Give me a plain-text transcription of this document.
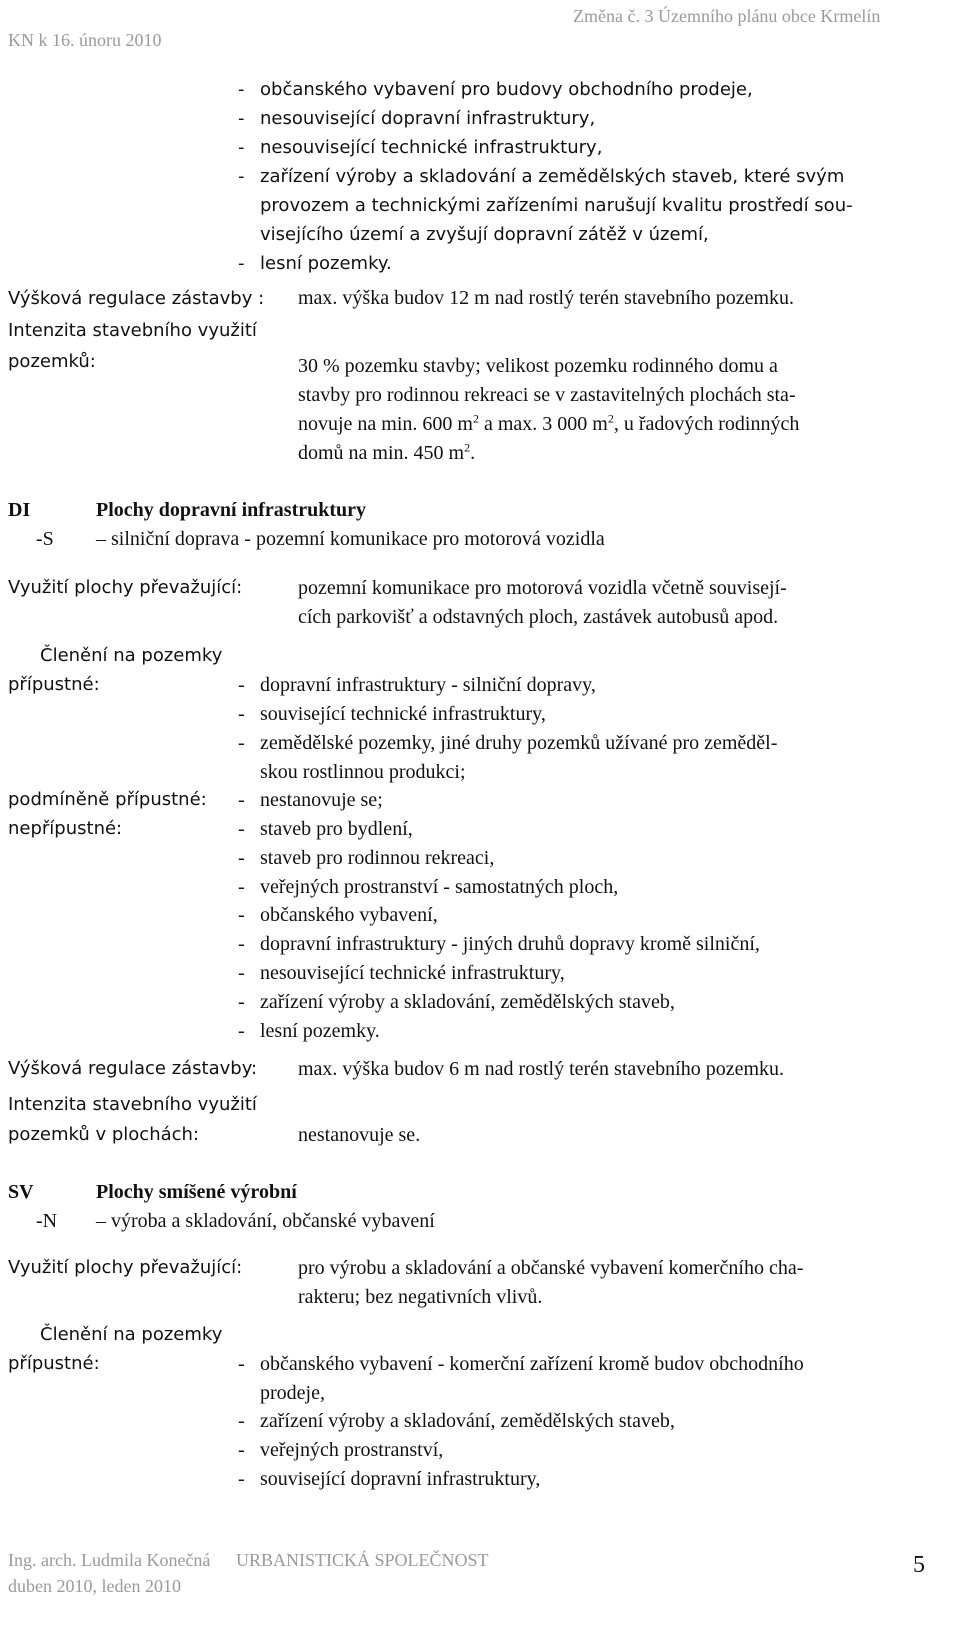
KN k 16. únoru 2010
Změna č. 3 Územního plánu obce Krmelín
- občanského vybavení pro budovy obchodního prodeje,
- nesouvisející dopravní infrastruktury,
- nesouvisející technické infrastruktury,
- zařízení výroby a skladování a zemědělských staveb, které svým
provozem a technickými zařízeními narušují kvalitu prostředí sou-
visejícího území a zvyšují dopravní zátěž v území,
- lesní pozemky.
Výšková regulace zástavby : max. výška budov 12 m nad rostlý terén stavebního pozemku.
Intenzita stavebního využití
pozemků:	30 % pozemku stavby; velikost pozemku rodinného domu a
stavby pro rodinnou rekreaci se v zastavitelných plochách sta-
novuje na min. 600 $m^2$ a max. 3 000 $m^2$, u řadových rodinných
domů na min. 450 $m^2$.
DI	Plochy dopravní infrastruktury
-S – silniční doprava - pozemní komunikace pro motorová vozidla
Využití plochy převažující:	pozemní komunikace pro motorová vozidla včetně souvisejí-
cích parkovišť a odstavných ploch, zastávek autobusů apod.
Členění na pozemky
přípustné:	- dopravní infrastruktury - silniční dopravy,
- související technické infrastruktury,
- zemědělské pozemky, jiné druhy pozemků užívané pro zeměděl-
skou rostlinnou produkci;
podmíněně přípustné: - nestanovuje se;
nepřípustné:	- staveb pro bydlení,
- staveb pro rodinnou rekreaci,
- veřejných prostranství - samostatných ploch,
- občanského vybavení,
- dopravní infrastruktury - jiných druhů dopravy kromě silniční,
- nesouvisející technické infrastruktury,
- zařízení výroby a skladování, zemědělských staveb,
- lesní pozemky.
Výšková regulace zástavby: max. výška budov 6 m nad rostlý terén stavebního pozemku.
Intenzita stavebního využití
pozemků v plochách:	nestanovuje se.
SV	Plochy smíšené výrobní
-N – výroba a skladování, občanské vybavení
Využití plochy převažující:	pro výrobu a skladování a občanské vybavení komerčního cha-
rakteru; bez negativních vlivů.
Členění na pozemky
přípustné:	- občanského vybavení - komerční zařízení kromě budov obchodního
prodeje,
- zařízení výroby a skladování, zemědělských staveb,
- veřejných prostranství,
- související dopravní infrastruktury,
Ing. arch. Ludmila Konečná URBANISTICKÁ SPOLEČNOST
duben 2010, leden 2010
5
